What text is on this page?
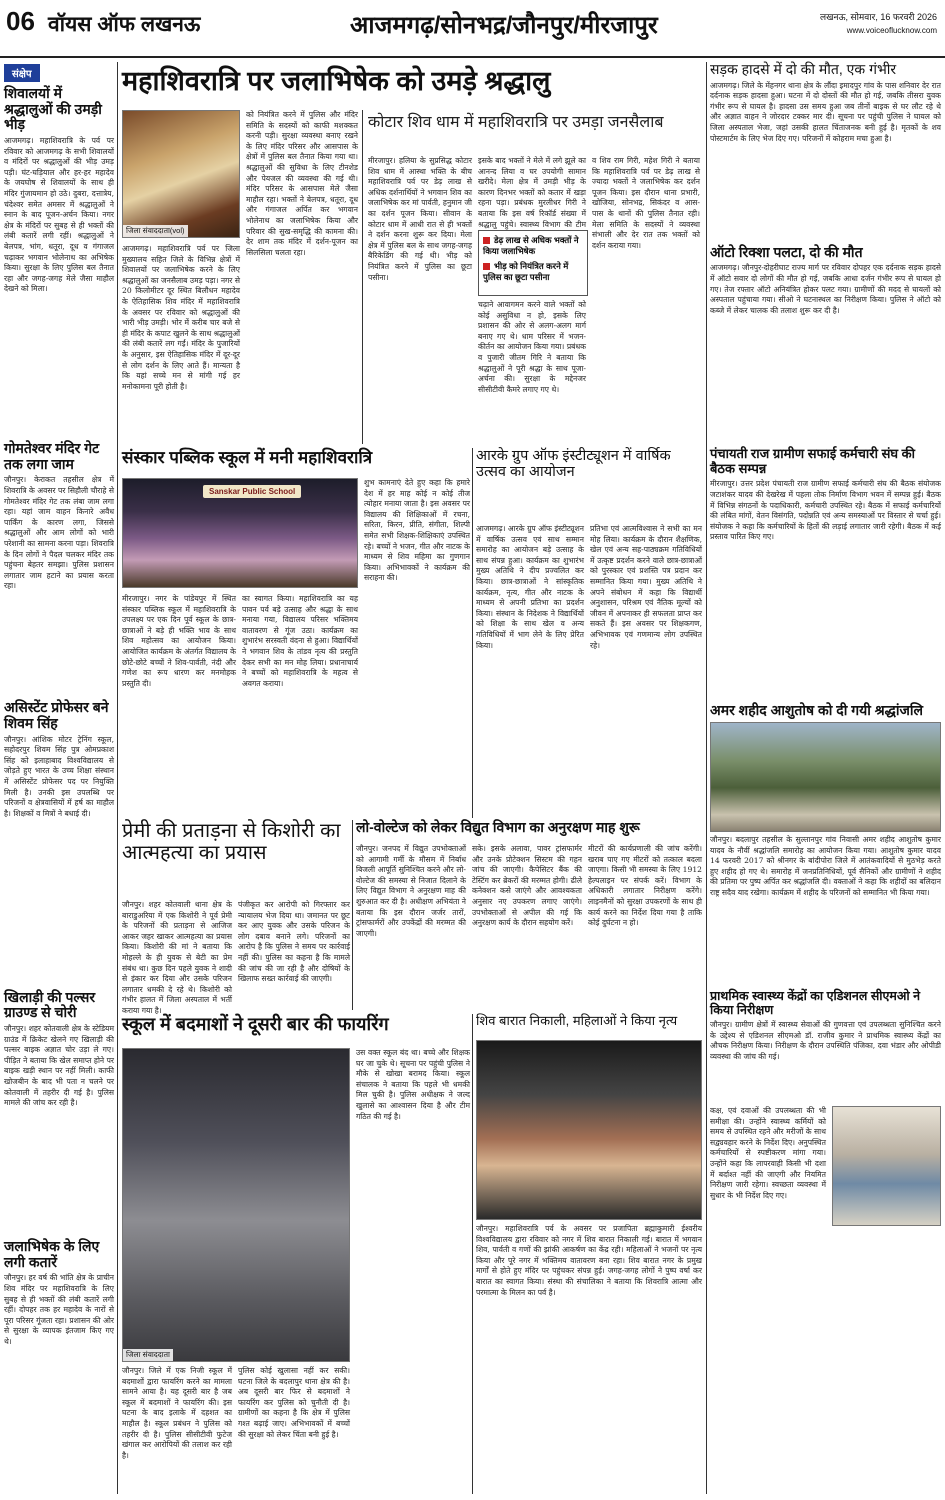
06 वॉयस ऑफ लखनऊ	आजमगढ़/सोनभद्र/जौनपुर/मीरजापुर	लखनऊ, सोमवार, 16 फरवरी 2026
www.voiceoflucknow.com
संक्षेप
शिवालयों में श्रद्धालुओं की उमड़ी भीड़
आजमगढ़। महाशिवरात्रि के पर्व पर रविवार को आजमगढ़ के सभी शिवालयों व मंदिरों पर श्रद्धालुओं की भीड़ उमड़ पड़ी। घंट-घड़ियाल और हर-हर महादेव के जयघोष से शिवालयों के साथ ही मंदिर गुंजायमान हो उठे। दुबरा, दत्तात्रेय, चंदेश्वर समेत अमसर में श्रद्धालुओं ने स्नान के बाद पूजन-अर्चन किया। नगर क्षेत्र के मंदिरों पर सुबह से ही भक्तों की लंबी कतारें लगी रहीं। श्रद्धालुओं ने बेलपत्र, भांग, धतूरा, दूध व गंगाजल चढ़ाकर भगवान भोलेनाथ का अभिषेक किया। सुरक्षा के लिए पुलिस बल तैनात रहा और जगह-जगह मेले जैसा माहौल देखने को मिला।
गोमतेश्वर मंदिर गेट तक लगा जाम
जौनपुर। केराकत तहसील क्षेत्र में शिवरात्रि के अवसर पर सिहौली चौराहे से गोमतेश्वर मंदिर गेट तक लंबा जाम लगा रहा। यहां जाम वाहन किनारे अवैध पार्किंग के कारण लगा, जिससे श्रद्धालुओं और आम लोगों को भारी परेशानी का सामना करना पड़ा। शिवरात्रि के दिन लोगों ने पैदल चलकर मंदिर तक पहुंचना बेहतर समझा। पुलिस प्रशासन लगातार जाम हटाने का प्रयास करता रहा।
असिस्टेंट प्रोफेसर बने शिवम सिंह
जौनपुर। आंशिक मोटर ट्रेनिंग स्कूल, सहोदरपुर शिवम सिंह पुत्र ओमप्रकाश सिंह को इलाहाबाद विश्वविद्यालय से जोड़ते हुए भारत के उच्च शिक्षा संस्थान में असिस्टेंट प्रोफेसर पद पर नियुक्ति मिली है। उनकी इस उपलब्धि पर परिजनों व क्षेत्रवासियों में हर्ष का माहौल है। शिक्षकों व मित्रों ने बधाई दी।
खिलाड़ी की पल्सर ग्राउण्ड से चोरी
जौनपुर। शहर कोतवाली क्षेत्र के स्टेडियम ग्राउंड में क्रिकेट खेलने गए खिलाड़ी की पल्सर बाइक अज्ञात चोर उड़ा ले गए। पीड़ित ने बताया कि खेल समाप्त होने पर बाइक खड़ी स्थान पर नहीं मिली। काफी खोजबीन के बाद भी पता न चलने पर कोतवाली में तहरीर दी गई है। पुलिस मामले की जांच कर रही है।
जलाभिषेक के लिए लगी कतारें
जौनपुर। हर वर्ष की भांति क्षेत्र के प्राचीन शिव मंदिर पर महाशिवरात्रि के लिए सुबह से ही भक्तों की लंबी कतारें लगी रहीं। दोपहर तक हर महादेव के नारों से पूरा परिसर गूंजता रहा। प्रशासन की ओर से सुरक्षा के व्यापक इंतजाम किए गए थे।
महाशिवरात्रि पर जलाभिषेक को उमड़े श्रद्धालु
जिला संवाददाता(vol)
आजमगढ़। महाशिवरात्रि पर्व पर जिला मुख्यालय सहित जिले के विभिन्न क्षेत्रों में शिवालयों पर जलाभिषेक करने के लिए श्रद्धालुओं का जनसैलाब उमड़ पड़ा। नगर से 20 किलोमीटर दूर स्थित बिलौधन महादेव के ऐतिहासिक शिव मंदिर में महाशिवरात्रि के अवसर पर रविवार को श्रद्धालुओं की भारी भीड़ उमड़ी। भोर में करीब चार बजे से ही मंदिर के कपाट खुलने के साथ श्रद्धालुओं की लंबी कतारें लग गईं। मंदिर के पुजारियों के अनुसार, इस ऐतिहासिक मंदिर में दूर-दूर से लोग दर्शन के लिए आते हैं। मान्यता है कि यहां सच्चे मन से मांगी गई हर मनोकामना पूरी होती है।
को नियंत्रित करने में पुलिस और मंदिर समिति के सदस्यों को काफी मशक्कत करनी पड़ी। सुरक्षा व्यवस्था बनाए रखने के लिए मंदिर परिसर और आसपास के क्षेत्रों में पुलिस बल तैनात किया गया था। श्रद्धालुओं की सुविधा के लिए टीनशेड और पेयजल की व्यवस्था की गई थी। मंदिर परिसर के आसपास मेले जैसा माहौल रहा। भक्तों ने बेलपत्र, धतूरा, दूध और गंगाजल अर्पित कर भगवान भोलेनाथ का जलाभिषेक किया और परिवार की सुख-समृद्धि की कामना की। देर शाम तक मंदिर में दर्शन-पूजन का सिलसिला चलता रहा।
कोटार शिव धाम में महाशिवरात्रि पर उमड़ा जनसैलाब
मीरजापुर। हलिया के सुप्रसिद्ध कोटार शिव धाम में आस्था भक्ति के बीच महाशिवरात्रि पर्व पर डेढ़ लाख से अधिक दर्शनार्थियों ने भगवान शिव का जलाभिषेक कर मां पार्वती, हनुमान जी का दर्शन पूजन किया। सीवान के कोटार धाम में आधी रात से ही भक्तों ने दर्शन करना शुरू कर दिया। मेला क्षेत्र में पुलिस बल के साथ जगह-जगह बैरिकेडिंग की गई थी। भीड़ को नियंत्रित करने में पुलिस का छूटा पसीना।
इसके बाद भक्तों ने मेले में लगे झूले का आनन्द लिया व घर उपयोगी सामान खरीदे। मेला क्षेत्र में उमड़ी भीड़ के कारण दिनभर भक्तों को कतार में खड़ा रहना पड़ा। प्रबंधक मुरलीधर गिरी ने बताया कि इस वर्ष रिकॉर्ड संख्या में श्रद्धालु पहुंचे। स्वास्थ्य विभाग की टीम
डेढ़ लाख से अधिक भक्तों ने किया जलाभिषेक
भीड़ को नियंत्रित करने में पुलिस का छूटा पसीना
चढ़ाने आवागमन करने वाले भक्तों को कोई असुविधा न हो, इसके लिए प्रशासन की ओर से अलग-अलग मार्ग बनाए गए थे। धाम परिसर में भजन-कीर्तन का आयोजन किया गया। प्रबंधक व पुजारी जीतम गिरि ने बताया कि श्रद्धालुओं ने पूरी श्रद्धा के साथ पूजा-अर्चना की। सुरक्षा के मद्देनजर सीसीटीवी कैमरे लगाए गए थे।
व शिव राम गिरी, महेश गिरी ने बताया कि महाशिवरात्रि पर्व पर डेढ़ लाख से ज्यादा भक्तों ने जलाभिषेक कर दर्शन पूजन किया। इस दौरान थाना प्रभारी, खोजिया, सोनभद्र, सिकंदर व आस-पास के थानों की पुलिस तैनात रही। मेला समिति के सदस्यों ने व्यवस्था संभाली और देर रात तक भक्तों को दर्शन कराया गया।
संस्कार पब्लिक स्कूल में मनी महाशिवरात्रि
Sanskar Public School
मीरजापुर। नगर के पांडेयपुर में स्थित संस्कार पब्लिक स्कूल में महाशिवरात्रि के उपलक्ष्य पर एक दिन पूर्व स्कूल के छात्र-छात्राओं ने बड़े ही भक्ति भाव के साथ शिव महोत्सव का आयोजन किया। आयोजित कार्यक्रम के अंतर्गत विद्यालय के छोटे-छोटे बच्चों ने शिव-पार्वती, नंदी और गणेश का रूप धारण कर मनमोहक प्रस्तुति दी।
का स्वागत किया। महाशिवरात्रि का यह पावन पर्व बड़े उत्साह और श्रद्धा के साथ मनाया गया, विद्यालय परिसर भक्तिमय वातावरण से गूंज उठा। कार्यक्रम का शुभारंभ सरस्वती वंदना से हुआ। विद्यार्थियों ने भगवान शिव के तांडव नृत्य की प्रस्तुति देकर सभी का मन मोह लिया। प्रधानाचार्य ने बच्चों को महाशिवरात्रि के महत्व से अवगत कराया।
शुभ कामनाएं देते हुए कहा कि हमारे देश में हर माह कोई न कोई तीज त्योहार मनाया जाता है। इस अवसर पर विद्यालय की शिक्षिकाओं में रचना, सरिता, किरन, प्रीति, संगीता, शिल्पी समेत सभी शिक्षक-शिक्षिकाएं उपस्थित रहे। बच्चों ने भजन, गीत और नाटक के माध्यम से शिव महिमा का गुणगान किया। अभिभावकों ने कार्यक्रम की सराहना की।
आरके ग्रुप ऑफ इंस्टीट्यूशन में वार्षिक उत्सव का आयोजन
आजमगढ़। आरके ग्रुप ऑफ इंस्टीट्यूशन में वार्षिक उत्सव एवं साथ सम्मान समारोह का आयोजन बड़े उत्साह के साथ संपन्न हुआ। कार्यक्रम का शुभारंभ मुख्य अतिथि ने दीप प्रज्वलित कर किया। छात्र-छात्राओं ने सांस्कृतिक कार्यक्रम, नृत्य, गीत और नाटक के माध्यम से अपनी प्रतिभा का प्रदर्शन किया। संस्थान के निदेशक ने विद्यार्थियों को शिक्षा के साथ खेल व अन्य गतिविधियों में भाग लेने के लिए प्रेरित किया।
प्रतिभा एवं आत्मविश्वास ने सभी का मन मोह लिया। कार्यक्रम के दौरान शैक्षणिक, खेल एवं अन्य सह-पाठ्यक्रम गतिविधियों में उत्कृष्ट प्रदर्शन करने वाले छात्र-छात्राओं को पुरस्कार एवं प्रशस्ति पत्र प्रदान कर सम्मानित किया गया। मुख्य अतिथि ने अपने संबोधन में कहा कि विद्यार्थी अनुशासन, परिश्रम एवं नैतिक मूल्यों को जीवन में अपनाकर ही सफलता प्राप्त कर सकते हैं। इस अवसर पर शिक्षकगण, अभिभावक एवं गणमान्य लोग उपस्थित रहे।
प्रेमी की प्रताड़ना से किशोरी का आत्महत्या का प्रयास
जौनपुर। शहर कोतवाली थाना क्षेत्र के बाराडुअरिया में एक किशोरी ने पूर्व प्रेमी के परिजनों की प्रताड़ना से आजिज आकर जहर खाकर आत्महत्या का प्रयास किया। किशोरी की मां ने बताया कि मोहल्ले के ही युवक से बेटी का प्रेम संबंध था। कुछ दिन पहले युवक ने शादी से इंकार कर दिया और उसके परिजन लगातार धमकी दे रहे थे। किशोरी को गंभीर हालत में जिला अस्पताल में भर्ती कराया गया है।
पंजीकृत कर आरोपी को गिरफ्तार कर न्यायालय भेज दिया था। जमानत पर छूट कर आए युवक और उसके परिजन के लोग दबाव बनाने लगे। परिजनों का आरोप है कि पुलिस ने समय पर कार्रवाई नहीं की। पुलिस का कहना है कि मामले की जांच की जा रही है और दोषियों के खिलाफ सख्त कार्रवाई की जाएगी।
लो-वोल्टेज को लेकर विद्युत विभाग का अनुरक्षण माह शुरू
जौनपुर। जनपद में विद्युत उपभोक्ताओं को आगामी गर्मी के मौसम में निर्बाध बिजली आपूर्ति सुनिश्चित करने और लो-वोल्टेज की समस्या से निजात दिलाने के लिए विद्युत विभाग ने अनुरक्षण माह की शुरुआत कर दी है। अधीक्षण अभियंता ने बताया कि इस दौरान जर्जर तारों, ट्रांसफार्मरों और उपकेंद्रों की मरम्मत की जाएगी।
सके। इसके अलावा, पावर ट्रांसफार्मर और उनके प्रोटेक्शन सिस्टम की गहन जांच की जाएगी। कैपेसिटर बैंक की टेस्टिंग कर ब्रेकरों की मरम्मत होगी। ढीले कनेक्शन कसे जाएंगे और आवश्यकता अनुसार नए उपकरण लगाए जाएंगे। उपभोक्ताओं से अपील की गई कि अनुरक्षण कार्य के दौरान सहयोग करें।
मीटरों की कार्यप्रणाली की जांच करेंगी। खराब पाए गए मीटरों को तत्काल बदला जाएगा। किसी भी समस्या के लिए 1912 हेल्पलाइन पर संपर्क करें। विभाग के अधिकारी लगातार निरीक्षण करेंगे। लाइनमैनों को सुरक्षा उपकरणों के साथ ही कार्य करने का निर्देश दिया गया है ताकि कोई दुर्घटना न हो।
स्कूल में बदमाशों ने दूसरी बार की फायरिंग
जिला संवाददाता
जौनपुर। जिले में एक निजी स्कूल में बदमाशों द्वारा फायरिंग करने का मामला सामने आया है। यह दूसरी बार है जब स्कूल में बदमाशों ने फायरिंग की। इस घटना के बाद इलाके में दहशत का माहौल है। स्कूल प्रबंधन ने पुलिस को तहरीर दी है। पुलिस सीसीटीवी फुटेज खंगाल कर आरोपियों की तलाश कर रही है।
पुलिस कोई खुलासा नहीं कर सकी। घटना जिले के बदलापुर थाना क्षेत्र की है। अब दूसरी बार फिर से बदमाशों ने फायरिंग कर पुलिस को चुनौती दी है। ग्रामीणों का कहना है कि क्षेत्र में पुलिस गश्त बढ़ाई जाए। अभिभावकों में बच्चों की सुरक्षा को लेकर चिंता बनी हुई है।
उस वक्त स्कूल बंद था। बच्चे और शिक्षक घर जा चुके थे। सूचना पर पहुंची पुलिस ने मौके से खोखा बरामद किया। स्कूल संचालक ने बताया कि पहले भी धमकी मिल चुकी है। पुलिस अधीक्षक ने जल्द खुलासे का आश्वासन दिया है और टीम गठित की गई है।
शिव बारात निकाली, महिलाओं ने किया नृत्य
जौनपुर। महाशिवरात्रि पर्व के अवसर पर प्रजापिता ब्रह्माकुमारी ईश्वरीय विश्वविद्यालय द्वारा रविवार को नगर में शिव बारात निकाली गई। बारात में भगवान शिव, पार्वती व गणों की झांकी आकर्षण का केंद्र रही। महिलाओं ने भजनों पर नृत्य किया और पूरे नगर में भक्तिमय वातावरण बना रहा। शिव बारात नगर के प्रमुख मार्गों से होते हुए मंदिर पर पहुंचकर संपन्न हुई। जगह-जगह लोगों ने पुष्प वर्षा कर बारात का स्वागत किया। संस्था की संचालिका ने बताया कि शिवरात्रि आत्मा और परमात्मा के मिलन का पर्व है।
सड़क हादसे में दो की मौत, एक गंभीर
आजमगढ़। जिले के मेंहनगर थाना क्षेत्र के लौंदा इमादपुर गांव के पास शनिवार देर रात दर्दनाक सड़क हादसा हुआ। घटना में दो दोस्तों की मौत हो गई, जबकि तीसरा युवक गंभीर रूप से घायल है। हादसा उस समय हुआ जब तीनों बाइक से घर लौट रहे थे और अज्ञात वाहन ने जोरदार टक्कर मार दी। सूचना पर पहुंची पुलिस ने घायल को जिला अस्पताल भेजा, जहां उसकी हालत चिंताजनक बनी हुई है। मृतकों के शव पोस्टमार्टम के लिए भेज दिए गए। परिजनों में कोहराम मचा हुआ है।
ऑटो रिक्शा पलटा, दो की मौत
आजमगढ़। जौनपुर-दोहरीघाट राज्य मार्ग पर रविवार दोपहर एक दर्दनाक सड़क हादसे में ऑटो सवार दो लोगों की मौत हो गई, जबकि आधा दर्जन गंभीर रूप से घायल हो गए। तेज रफ्तार ऑटो अनियंत्रित होकर पलट गया। ग्रामीणों की मदद से घायलों को अस्पताल पहुंचाया गया। सीओ ने घटनास्थल का निरीक्षण किया। पुलिस ने ऑटो को कब्जे में लेकर चालक की तलाश शुरू कर दी है।
पंचायती राज ग्रामीण सफाई कर्मचारी संघ की बैठक सम्पन्न
मीरजापुर। उत्तर प्रदेश पंचायती राज ग्रामीण सफाई कर्मचारी संघ की बैठक संयोजक जटाशंकर यादव की देखरेख में पहला तोक निर्माण विभाग भवन में सम्पन्न हुई। बैठक में विभिन्न संगठनों के पदाधिकारी, कर्मचारी उपस्थित रहे। बैठक में सफाई कर्मचारियों की लंबित मांगों, वेतन विसंगति, पदोन्नति एवं अन्य समस्याओं पर विस्तार से चर्चा हुई। संयोजक ने कहा कि कर्मचारियों के हितों की लड़ाई लगातार जारी रहेगी। बैठक में कई प्रस्ताव पारित किए गए।
अमर शहीद आशुतोष को दी गयी श्रद्धांजलि
जौनपुर। बदलापुर तहसील के सुल्तानपुर गांव निवासी अमर शहीद आशुतोष कुमार यादव के नौवीं श्रद्धांजलि समारोह का आयोजन किया गया। आशुतोष कुमार यादव 14 फरवरी 2017 को श्रीनगर के बांदीपोरा जिले में आतंकवादियों से मुठभेड़ करते हुए शहीद हो गए थे। समारोह में जनप्रतिनिधियों, पूर्व सैनिकों और ग्रामीणों ने शहीद की प्रतिमा पर पुष्प अर्पित कर श्रद्धांजलि दी। वक्ताओं ने कहा कि शहीदों का बलिदान राष्ट्र सदैव याद रखेगा। कार्यक्रम में शहीद के परिजनों को सम्मानित भी किया गया।
प्राथमिक स्वास्थ्य केंद्रों का एडिशनल सीएमओ ने किया निरीक्षण
जौनपुर। ग्रामीण क्षेत्रों में स्वास्थ्य सेवाओं की गुणवत्ता एवं उपलब्धता सुनिश्चित करने के उद्देश्य से एडिशनल सीएमओ डॉ. राजीव कुमार ने प्राथमिक स्वास्थ्य केंद्रों का औचक निरीक्षण किया। निरीक्षण के दौरान उपस्थिति पंजिका, दवा भंडार और ओपीडी व्यवस्था की जांच की गई।
कक्ष, एवं दवाओं की उपलब्धता की भी समीक्षा की। उन्होंने स्वास्थ्य कर्मियों को समय से उपस्थित रहने और मरीजों के साथ सद्व्यवहार करने के निर्देश दिए। अनुपस्थित कर्मचारियों से स्पष्टीकरण मांगा गया। उन्होंने कहा कि लापरवाही किसी भी दशा में बर्दाश्त नहीं की जाएगी और नियमित निरीक्षण जारी रहेगा। स्वच्छता व्यवस्था में सुधार के भी निर्देश दिए गए।
